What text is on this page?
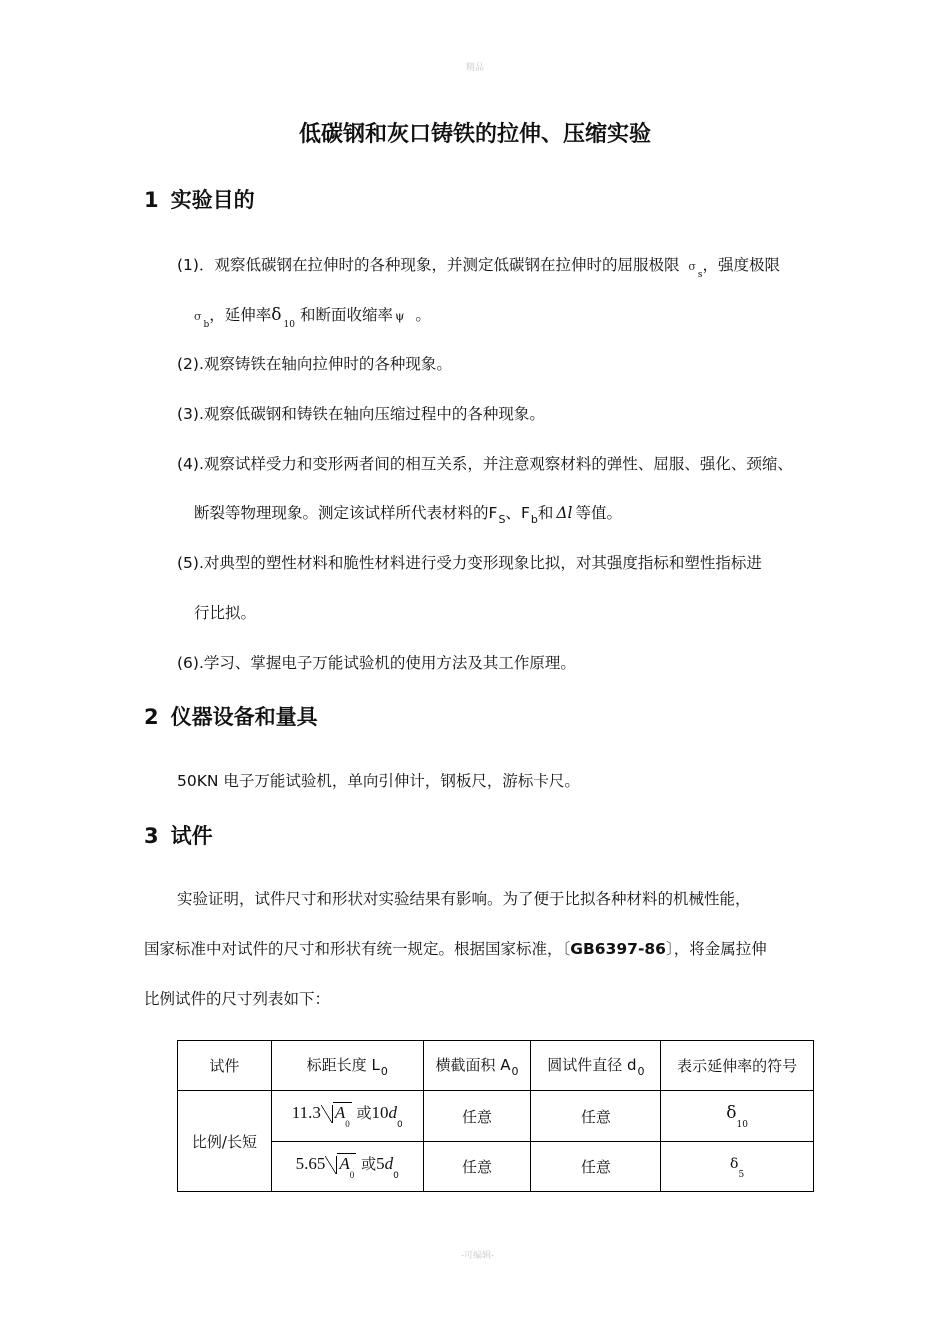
精品
低碳钢和灰口铸铁的拉伸、压缩实验
1 实验目的
(1)．观察低碳钢在拉伸时的各种现象，并测定低碳钢在拉伸时的屈服极限 $\sigma_s$，强度极限
$\sigma_b$，延伸率δ $_{10}$ 和断面收缩率 ψ 。
(2).观察铸铁在轴向拉伸时的各种现象。
(3).观察低碳钢和铸铁在轴向压缩过程中的各种现象。
(4).观察试样受力和变形两者间的相互关系，并注意观察材料的弹性、屈服、强化、颈缩、
断裂等物理现象。测定该试样所代表材料的$F_S$、$F_b$和 Δl 等值。
(5).对典型的塑性材料和脆性材料进行受力变形现象比拟，对其强度指标和塑性指标进
行比拟。
(6).学习、掌握电子万能试验机的使用方法及其工作原理。
2 仪器设备和量具
50KN 电子万能试验机，单向引伸计，钢板尺，游标卡尺。
3 试件
实验证明，试件尺寸和形状对实验结果有影响。为了便于比拟各种材料的机械性能，
国家标准中对试件的尺寸和形状有统一规定。根据国家标准，〔GB6397-86〕，将金属拉伸
比例试件的尺寸列表如下：
试件	标距长度 $L_0$	横截面积 $A_0$	圆试件直径 $d_0$	表示延伸率的符号
比例/长短	11.3 $A_0$ 或$10d_0$	任意	任意	$\delta_{10}$
	5.65 $A_0$ 或$5d_0$	任意	任意	$\delta_5$
-可编辑-
